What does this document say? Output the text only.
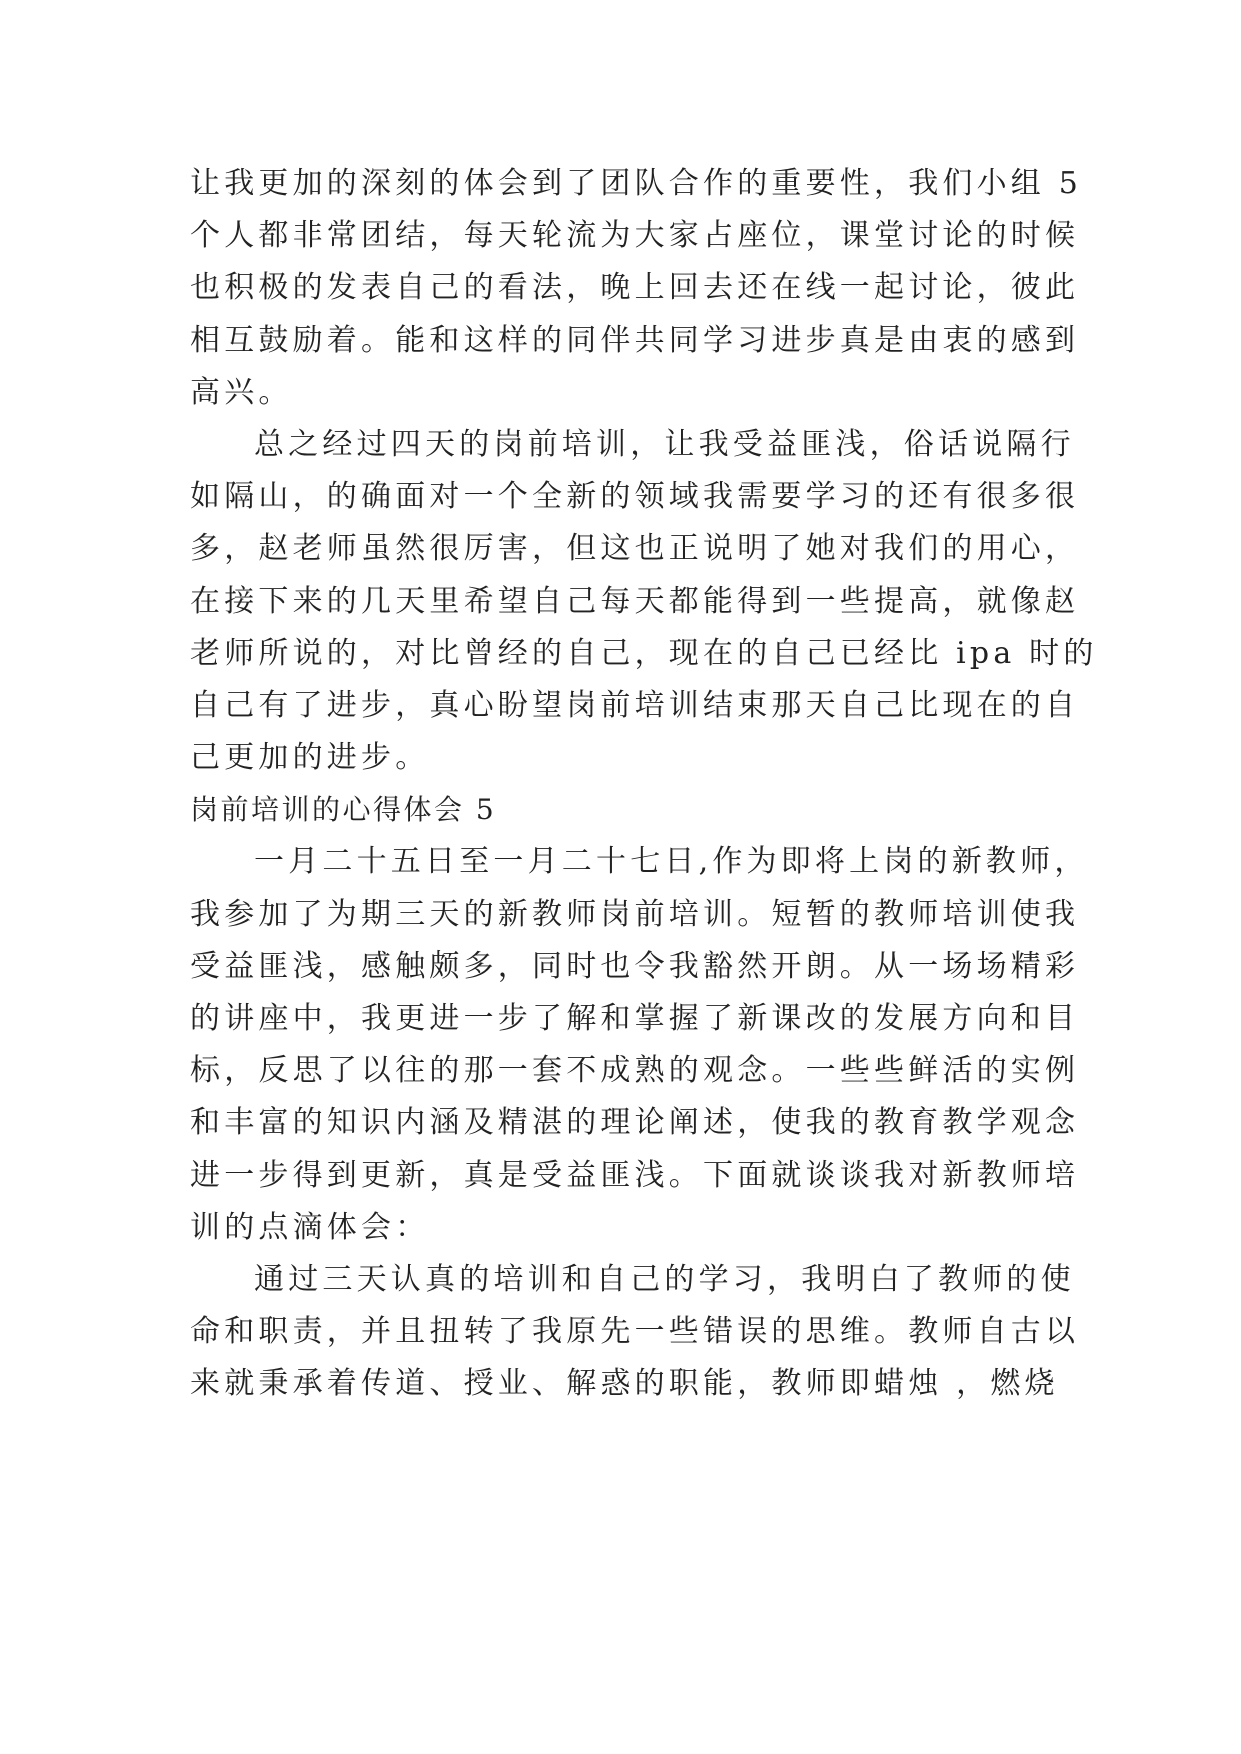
让我更加的深刻的体会到了团队合作的重要性，我们小组 5
个人都非常团结，每天轮流为大家占座位，课堂讨论的时候
也积极的发表自己的看法，晚上回去还在线一起讨论，彼此
相互鼓励着。能和这样的同伴共同学习进步真是由衷的感到
高兴。
总之经过四天的岗前培训，让我受益匪浅，俗话说隔行
如隔山，的确面对一个全新的领域我需要学习的还有很多很
多，赵老师虽然很厉害，但这也正说明了她对我们的用心，
在接下来的几天里希望自己每天都能得到一些提高，就像赵
老师所说的，对比曾经的自己，现在的自己已经比 ipa 时的
自己有了进步，真心盼望岗前培训结束那天自己比现在的自
己更加的进步。
岗前培训的心得体会 5
一月二十五日至一月二十七日,作为即将上岗的新教师，
我参加了为期三天的新教师岗前培训。短暂的教师培训使我
受益匪浅，感触颇多，同时也令我豁然开朗。从一场场精彩
的讲座中，我更进一步了解和掌握了新课改的发展方向和目
标，反思了以往的那一套不成熟的观念。一些些鲜活的实例
和丰富的知识内涵及精湛的理论阐述，使我的教育教学观念
进一步得到更新，真是受益匪浅。下面就谈谈我对新教师培
训的点滴体会：
通过三天认真的培训和自己的学习，我明白了教师的使
命和职责，并且扭转了我原先一些错误的思维。教师自古以
来就秉承着传道、授业、解惑的职能，教师即蜡烛 ，燃烧
